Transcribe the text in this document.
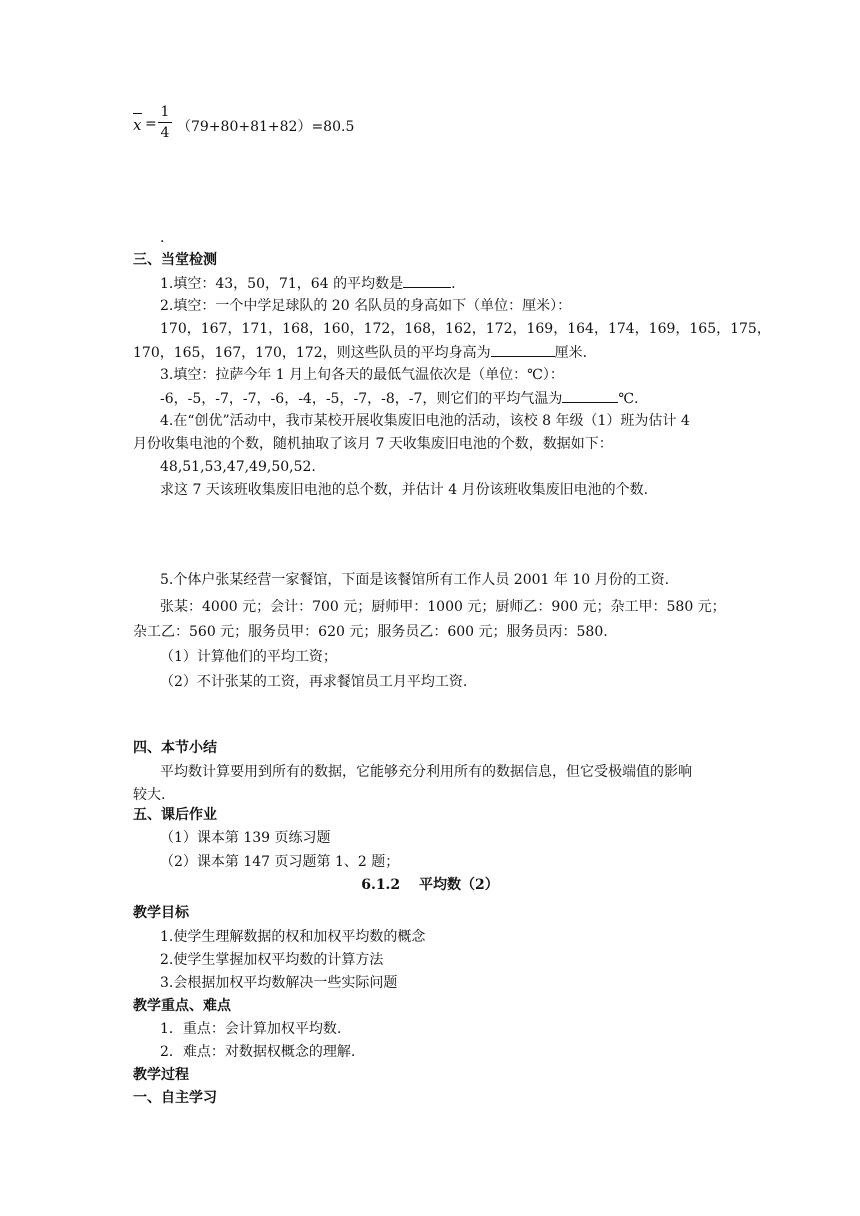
x =
1
4 （79+80+81+82）=80.5
.
三、当堂检测
1.填空：43，50，71，64 的平均数是	.
2.填空：一个中学足球队的 20 名队员的身高如下（单位：厘米）：
170，167，171，168，160，172，168，162，172，169，164，174，169，165，175，
170，165，167，170，172，则这些队员的平均身高为	厘米.
3.填空：拉萨今年 1 月上旬各天的最低气温依次是（单位：℃）：
-6，-5，-7，-7，-6，-4，-5，-7，-8，-7，则它们的平均气温为	℃.
4.在“创优”活动中，我市某校开展收集废旧电池的活动，该校 8 年级（1）班为估计 4
月份收集电池的个数，随机抽取了该月 7 天收集废旧电池的个数，数据如下：
48,51,53,47,49,50,52.
求这 7 天该班收集废旧电池的总个数，并估计 4 月份该班收集废旧电池的个数.
5.个体户张某经营一家餐馆，下面是该餐馆所有工作人员 2001 年 10 月份的工资.
张某：4000 元；会计：700 元；厨师甲：1000 元；厨师乙：900 元；杂工甲：580 元；
杂工乙：560 元；服务员甲：620 元；服务员乙：600 元；服务员丙：580.
（1）计算他们的平均工资；
（2）不计张某的工资，再求餐馆员工月平均工资.
四、本节小结
平均数计算要用到所有的数据，它能够充分利用所有的数据信息，但它受极端值的影响
较大.
五、课后作业
（1）课本第 139 页练习题
（2）课本第 147 页习题第 1、2 题；
6.1.2　 平均数（2）
教学目标
1.使学生理解数据的权和加权平均数的概念
2.使学生掌握加权平均数的计算方法
3.会根据加权平均数解决一些实际问题
教学重点、难点
1．重点：会计算加权平均数.
2．难点：对数据权概念的理解.
教学过程
一、自主学习
